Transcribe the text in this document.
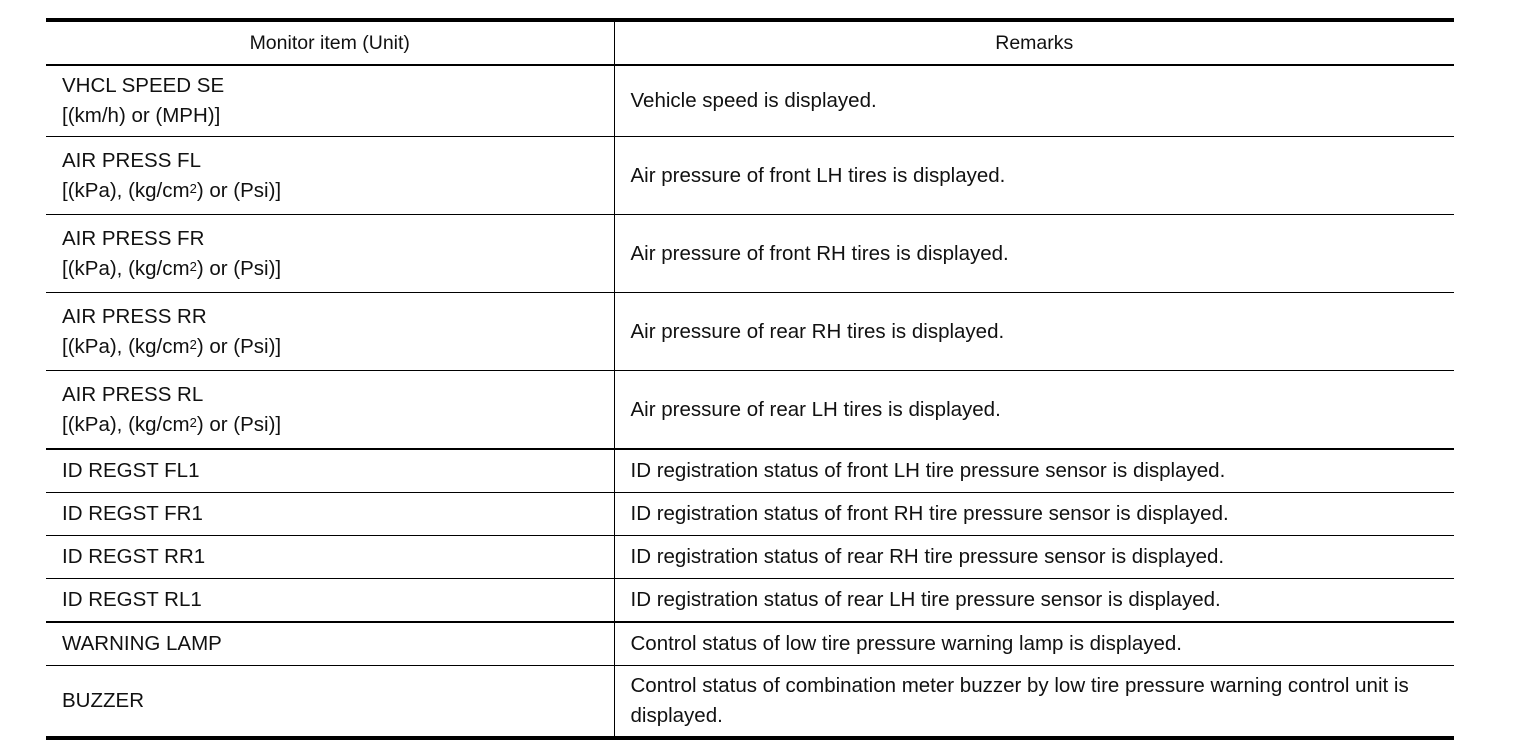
Monitor item (Unit)	Remarks

VHCL SPEED SE
[(km/h) or (MPH)]	Vehicle speed is displayed.

AIR PRESS FL
[(kPa), $(kg/cm^2)$ or (Psi)]	Air pressure of front LH tires is displayed.

AIR PRESS FR
[(kPa), $(kg/cm^2)$ or (Psi)]	Air pressure of front RH tires is displayed.

AIR PRESS RR
[(kPa), $(kg/cm^2)$ or (Psi)]	Air pressure of rear RH tires is displayed.

AIR PRESS RL
[(kPa), $(kg/cm^2)$ or (Psi)]	Air pressure of rear LH tires is displayed.
ID REGST FL1	ID registration status of front LH tire pressure sensor is displayed.
ID REGST FR1	ID registration status of front RH tire pressure sensor is displayed.
ID REGST RR1	ID registration status of rear RH tire pressure sensor is displayed.
ID REGST RL1	ID registration status of rear LH tire pressure sensor is displayed.
WARNING LAMP	Control status of low tire pressure warning lamp is displayed.
BUZZER	Control status of combination meter buzzer by low tire pressure warning control unit is displayed.
